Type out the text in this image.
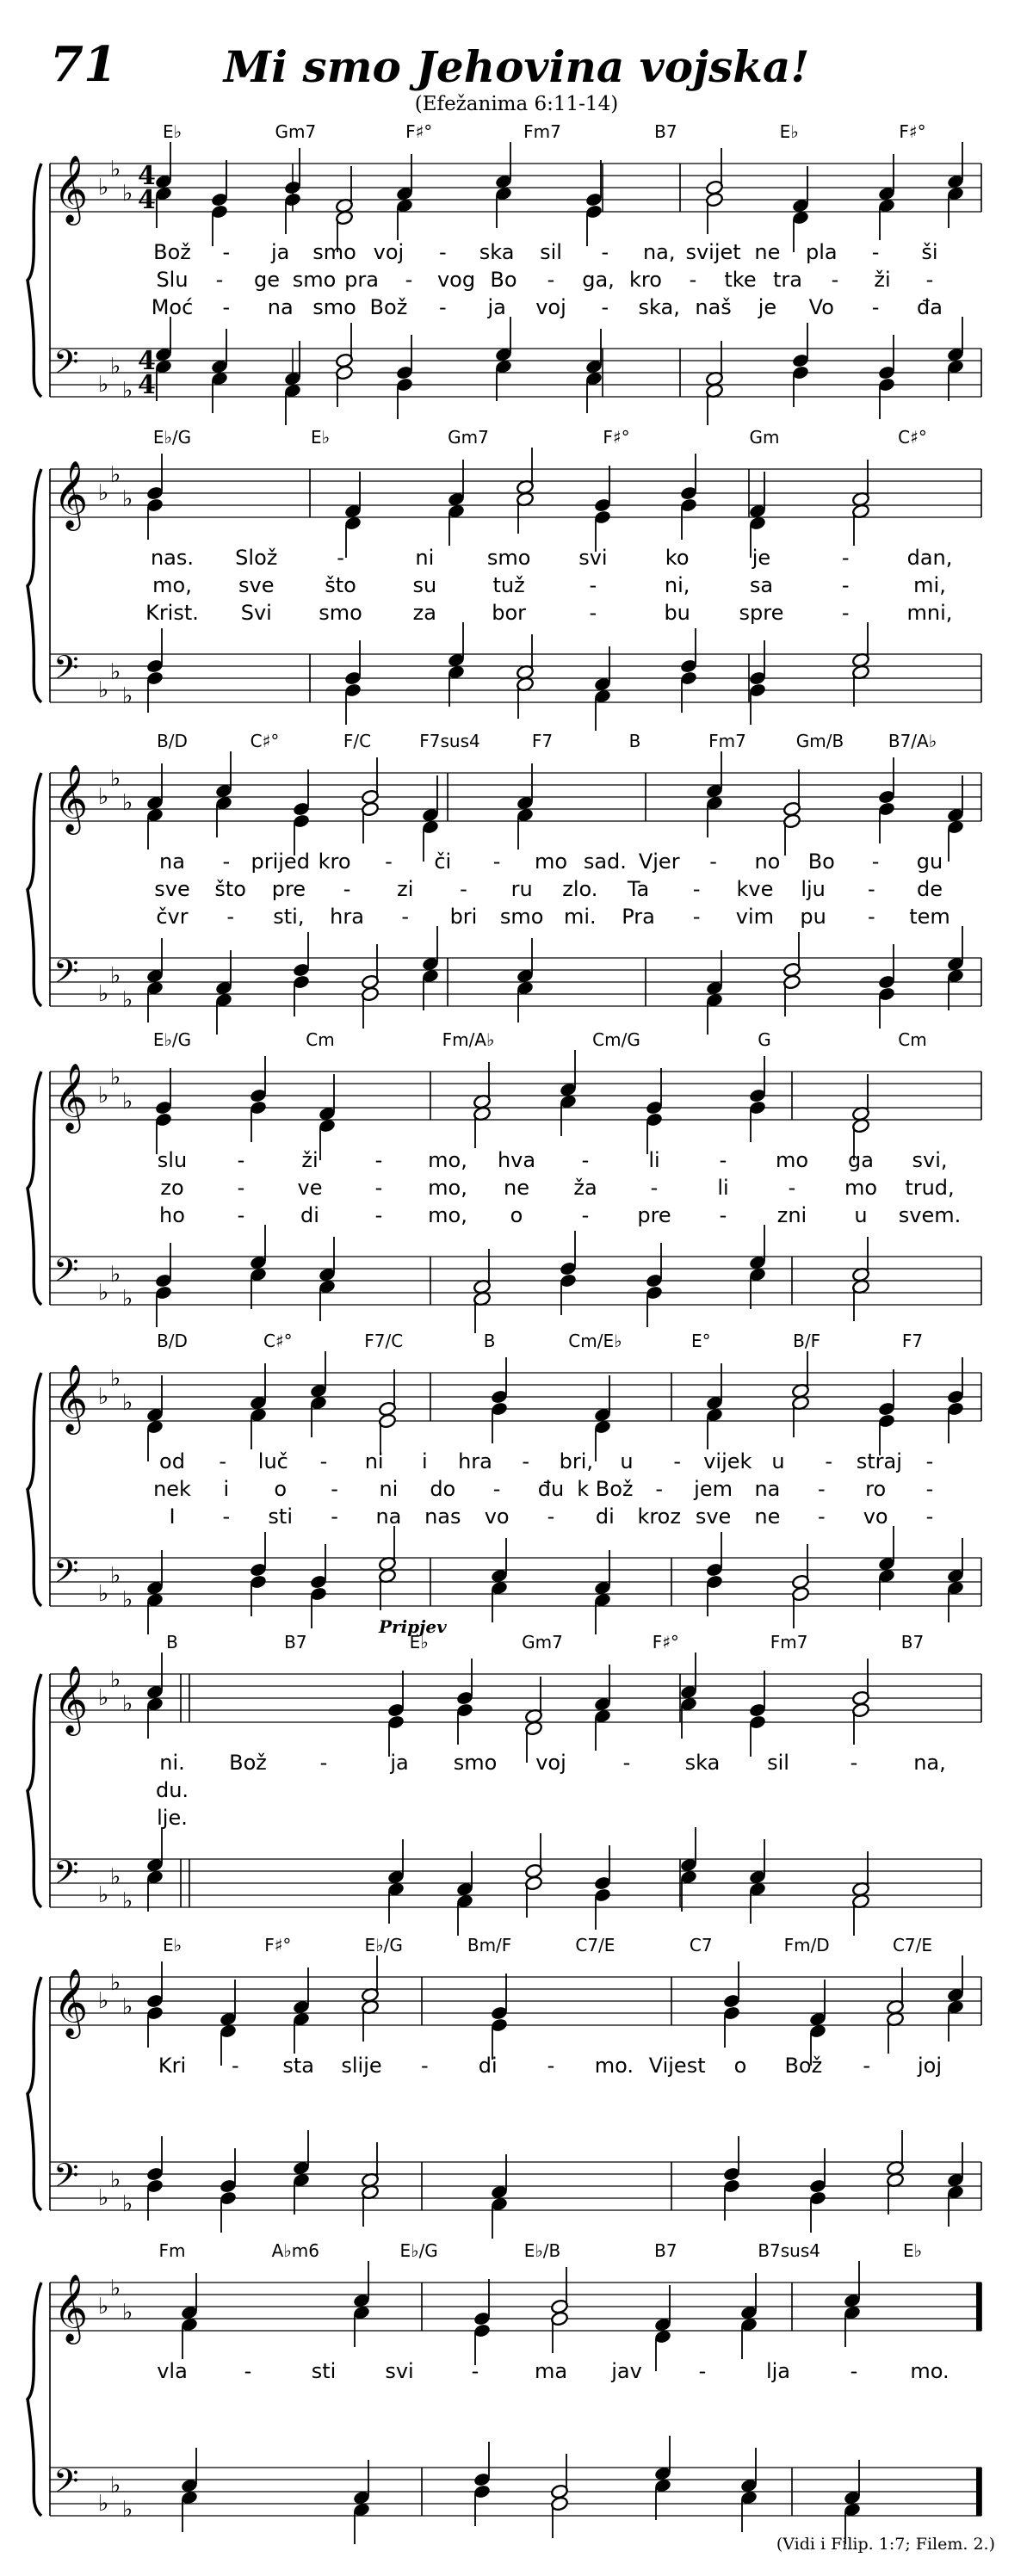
71	Mi smo Jehovina vojska!
(Efežanima 6:11-14)
𝄞
𝄢
♭
♭
♭
♭
♭
♭
4
4
4
4
E♭	Gm7	F♯°	Fm7	B7	E♭	F♯°
Bož - ja smo voj - ska sil - na, svijet ne pla - ši
Slu - ge smo pra - vog Bo - ga, kro - tke tra - ži -
Moć - na smo Bož - ja voj - ska, naš je Vo - đa
𝄞
𝄢
♭
♭
♭
♭
♭
♭
E♭/G	E♭	Gm7	F♯°	Gm	C♯°
nas. Slož	-	ni	smo svi	ko	je	-	dan,
mo, sve što	su	tuž	-	ni,	sa	-	mi,
Krist. Svi smo za	bor	-	bu spre	-	mni,
𝄞
𝄢
♭
♭
♭
♭
♭
♭
B/D	C♯°	F/C	F7sus4	F7	B	Fm7	Gm/B	B7/A♭
na - prijed kro - či - mo sad. Vjer - no Bo - gu
sve što pre - zi - ru zlo. Ta - kve lju - de
čvr - sti, hra - bri smo mi. Pra - vim pu - tem
𝄞
𝄢
♭
♭
♭
♭
♭
♭
E♭/G	Cm	Fm/A♭	Cm/G	G	Cm
slu -	ži	- mo, hva -	li	- mo ga svi,
zo	-	ve	- mo, ne ža	-	li	- mo trud,
ho	-	di	- mo, o	- pre - zni u svem.
𝄞
𝄢
♭
♭
♭
♭
♭
♭
B/D	C♯°	F7/C	B	Cm/E♭	E°	B/F	F7
od - luč - ni i hra - bri, u - vijek u - straj -
nek i o - ni do - đu k Bož - jem na - ro -
I - sti - na nas vo - di kroz sve ne - vo -
𝄞
𝄢
♭
♭
♭
♭
♭
♭
Pripjev
B	B7	E♭	Gm7	F♯°	Fm7	B7
ni. Bož	-	ja smo voj	-	ska sil	-	na,
du.
lje.
𝄞
𝄢
♭
♭
♭
♭
♭
♭
E♭	F♯°	E♭/G	Bm/F	C7/E	C7	Fm/D	C7/E
Kri - sta slije - di - mo. Vijest o Bož - joj
𝄞
𝄢
♭
♭
♭
♭
♭
♭
Fm	A♭m6	E♭/G	E♭/B	B7	B7sus4	E♭
vla	-	sti svi	-	ma jav	-	lja	-	mo.
(Vidi i Filip. 1:7; Filem. 2.)
